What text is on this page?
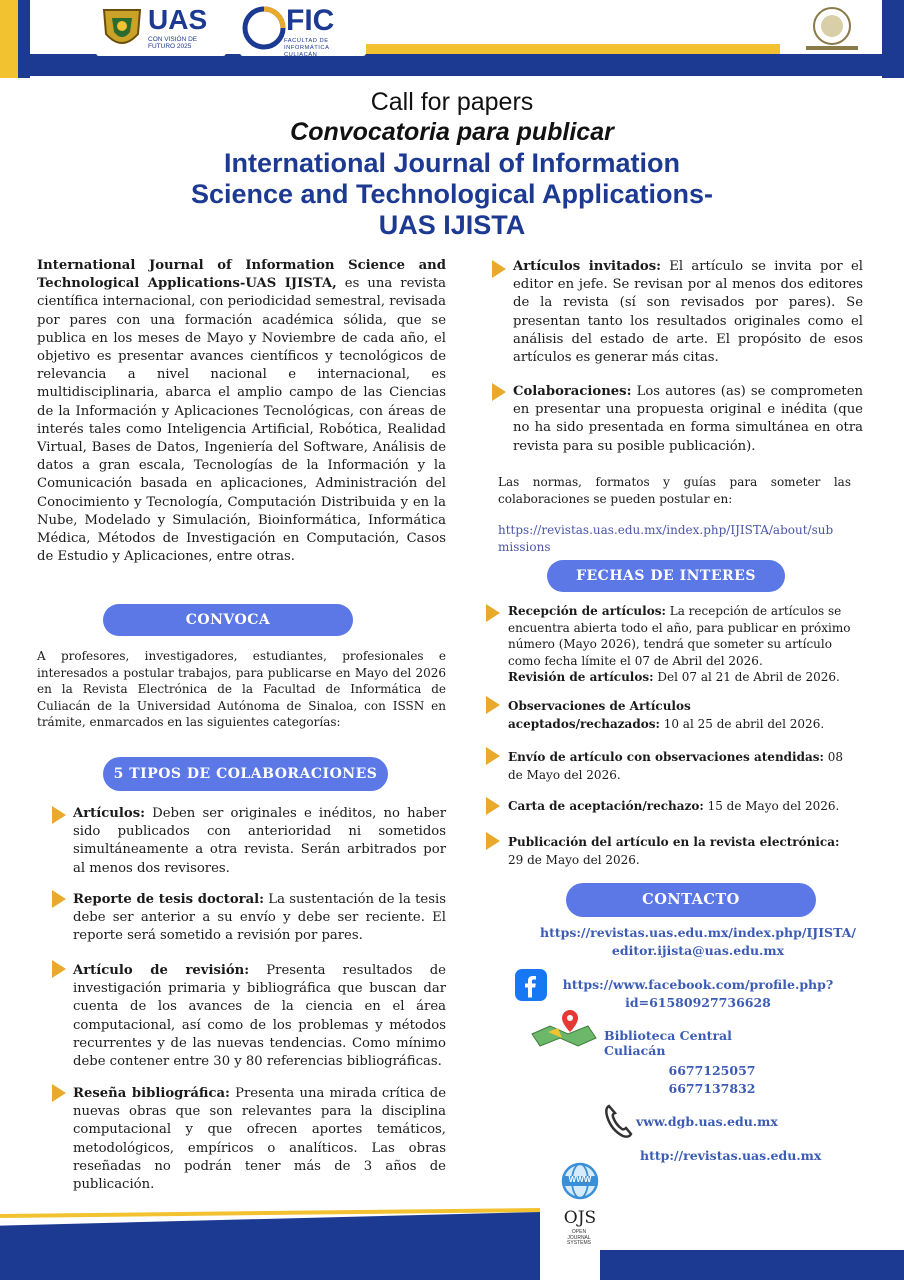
UAS
CON VISIÓN DE FUTURO 2025
FIC
FACULTAD DE INFORMÁTICA CULIACÁN
Call for papers
Convocatoria para publicar
International Journal of Information
Science and Technological Applications-
UAS IJISTA
International Journal of Information Science and Technological Applications-UAS IJISTA, es una revista científica internacional, con periodicidad semestral, revisada por pares con una formación académica sólida, que se publica en los meses de Mayo y Noviembre de cada año, el objetivo es presentar avances científicos y tecnológicos de relevancia a nivel nacional e internacional, es multidisciplinaria, abarca el amplio campo de las Ciencias de la Información y Aplicaciones Tecnológicas, con áreas de interés tales como Inteligencia Artificial, Robótica, Realidad Virtual, Bases de Datos, Ingeniería del Software, Análisis de datos a gran escala, Tecnologías de la Información y la Comunicación basada en aplicaciones, Administración del Conocimiento y Tecnología, Computación Distribuida y en la Nube, Modelado y Simulación, Bioinformática, Informática Médica, Métodos de Investigación en Computación, Casos de Estudio y Aplicaciones, entre otras.
CONVOCA
A profesores, investigadores, estudiantes, profesionales e interesados a postular trabajos, para publicarse en Mayo del 2026 en la Revista Electrónica de la Facultad de Informática de Culiacán de la Universidad Autónoma de Sinaloa, con ISSN en trámite, enmarcados en las siguientes categorías:
5 TIPOS DE COLABORACIONES
Artículos: Deben ser originales e inéditos, no haber sido publicados con anterioridad ni sometidos simultáneamente a otra revista. Serán arbitrados por al menos dos revisores.
Reporte de tesis doctoral: La sustentación de la tesis debe ser anterior a su envío y debe ser reciente. El reporte será sometido a revisión por pares.
Artículo de revisión: Presenta resultados de investigación primaria y bibliográfica que buscan dar cuenta de los avances de la ciencia en el área computacional, así como de los problemas y métodos recurrentes y de las nuevas tendencias. Como mínimo debe contener entre 30 y 80 referencias bibliográficas.
Reseña bibliográfica: Presenta una mirada crítica de nuevas obras que son relevantes para la disciplina computacional y que ofrecen aportes temáticos, metodológicos, empíricos o analíticos. Las obras reseñadas no podrán tener más de 3 años de publicación.
Artículos invitados: El artículo se invita por el editor en jefe. Se revisan por al menos dos editores de la revista (sí son revisados por pares). Se presentan tanto los resultados originales como el análisis del estado de arte. El propósito de esos artículos es generar más citas.
Colaboraciones: Los autores (as) se comprometen en presentar una propuesta original e inédita (que no ha sido presentada en forma simultánea en otra revista para su posible publicación).
Las normas, formatos y guías para someter las colaboraciones se pueden postular en:
https://revistas.uas.edu.mx/index.php/IJISTA/about/sub
missions
FECHAS DE INTERES
Recepción de artículos: La recepción de artículos se encuentra abierta todo el año, para publicar en próximo número (Mayo 2026), tendrá que someter su artículo como fecha límite el 07 de Abril del 2026.
Revisión de artículos: Del 07 al 21 de Abril de 2026.
Observaciones de Artículos
aceptados/rechazados: 10 al 25 de abril del 2026.
Envío de artículo con observaciones atendidas: 08 de Mayo del 2026.
Carta de aceptación/rechazo: 15 de Mayo del 2026.
Publicación del artículo en la revista electrónica:
29 de Mayo del 2026.
CONTACTO
https://revistas.uas.edu.mx/index.php/IJISTA/
editor.ijista@uas.edu.mx
https://www.facebook.com/profile.php?
id=61580927736628
Biblioteca Central Culiacán
6677125057
6677137832
vww.dgb.uas.edu.mx
http://revistas.uas.edu.mx
WWW
OJS
OPEN JOURNAL SYSTEMS
